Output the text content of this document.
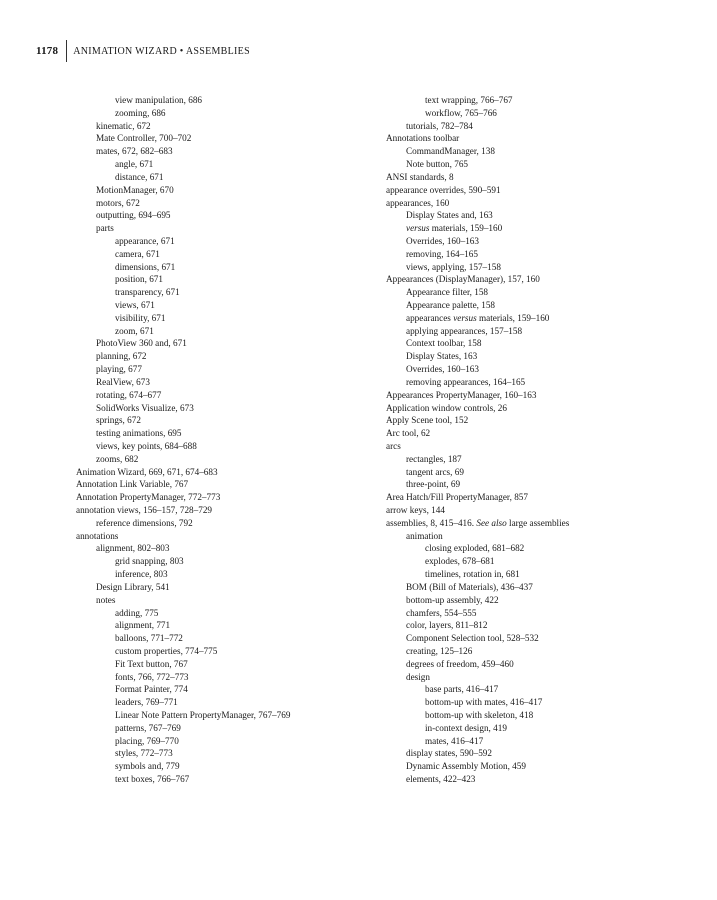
1178	ANIMATION WIZARD • ASSEMBLIES
view manipulation, 686
zooming, 686
kinematic, 672
Mate Controller, 700–702
mates, 672, 682–683
angle, 671
distance, 671
MotionManager, 670
motors, 672
outputting, 694–695
parts
appearance, 671
camera, 671
dimensions, 671
position, 671
transparency, 671
views, 671
visibility, 671
zoom, 671
PhotoView 360 and, 671
planning, 672
playing, 677
RealView, 673
rotating, 674–677
SolidWorks Visualize, 673
springs, 672
testing animations, 695
views, key points, 684–688
zooms, 682
Animation Wizard, 669, 671, 674–683
Annotation Link Variable, 767
Annotation PropertyManager, 772–773
annotation views, 156–157, 728–729
reference dimensions, 792
annotations
alignment, 802–803
grid snapping, 803
inference, 803
Design Library, 541
notes
adding, 775
alignment, 771
balloons, 771–772
custom properties, 774–775
Fit Text button, 767
fonts, 766, 772–773
Format Painter, 774
leaders, 769–771
Linear Note Pattern PropertyManager, 767–769
patterns, 767–769
placing, 769–770
styles, 772–773
symbols and, 779
text boxes, 766–767
text wrapping, 766–767
workflow, 765–766
tutorials, 782–784
Annotations toolbar
CommandManager, 138
Note button, 765
ANSI standards, 8
appearance overrides, 590–591
appearances, 160
Display States and, 163
versus materials, 159–160
Overrides, 160–163
removing, 164–165
views, applying, 157–158
Appearances (DisplayManager), 157, 160
Appearance filter, 158
Appearance palette, 158
appearances versus materials, 159–160
applying appearances, 157–158
Context toolbar, 158
Display States, 163
Overrides, 160–163
removing appearances, 164–165
Appearances PropertyManager, 160–163
Application window controls, 26
Apply Scene tool, 152
Arc tool, 62
arcs
rectangles, 187
tangent arcs, 69
three-point, 69
Area Hatch/Fill PropertyManager, 857
arrow keys, 144
assemblies, 8, 415–416. See also large assemblies
animation
closing exploded, 681–682
explodes, 678–681
timelines, rotation in, 681
BOM (Bill of Materials), 436–437
bottom-up assembly, 422
chamfers, 554–555
color, layers, 811–812
Component Selection tool, 528–532
creating, 125–126
degrees of freedom, 459–460
design
base parts, 416–417
bottom-up with mates, 416–417
bottom-up with skeleton, 418
in-context design, 419
mates, 416–417
display states, 590–592
Dynamic Assembly Motion, 459
elements, 422–423
